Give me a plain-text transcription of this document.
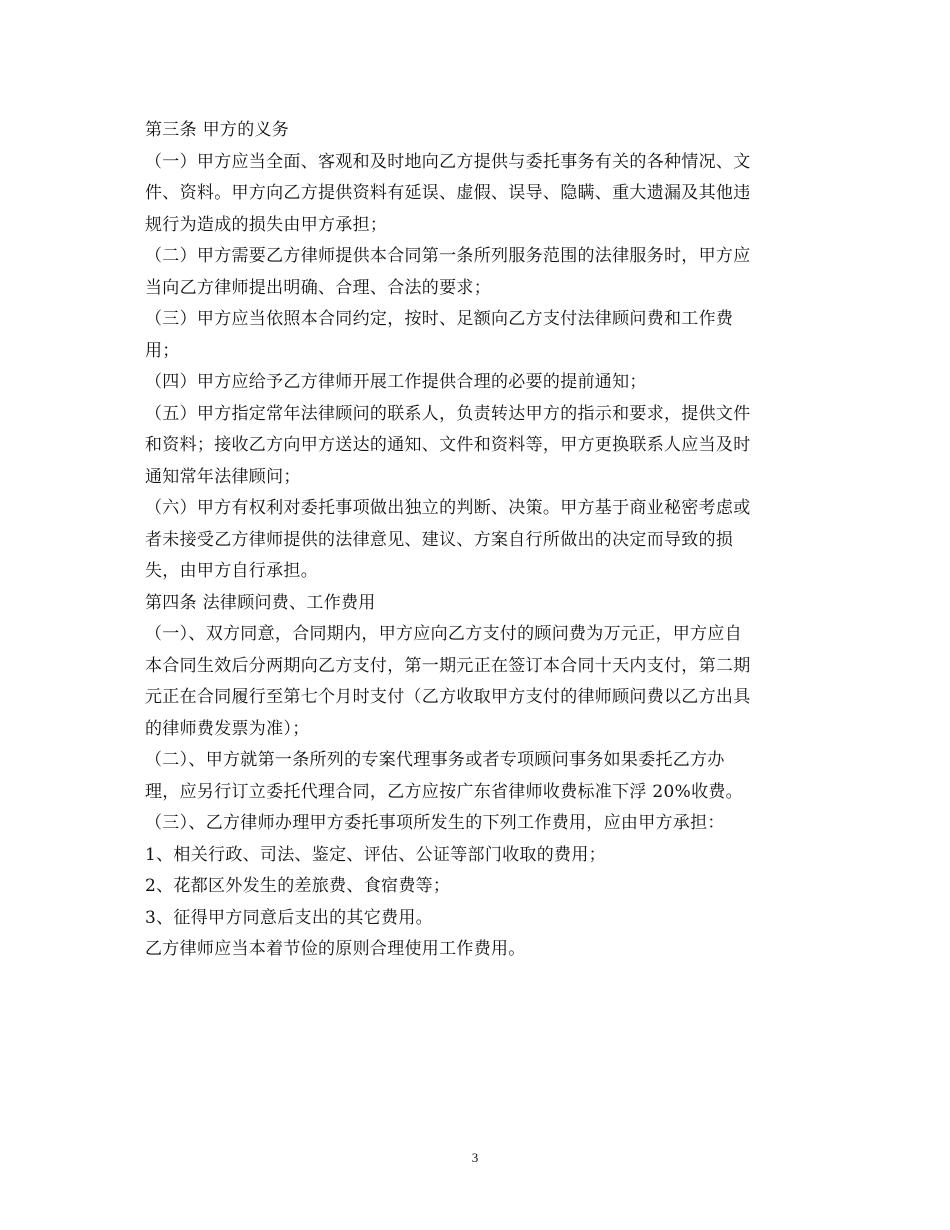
第三条 甲方的义务
（一）甲方应当全面、客观和及时地向乙方提供与委托事务有关的各种情况、文
件、资料。甲方向乙方提供资料有延误、虚假、误导、隐瞒、重大遗漏及其他违
规行为造成的损失由甲方承担；
（二）甲方需要乙方律师提供本合同第一条所列服务范围的法律服务时，甲方应
当向乙方律师提出明确、合理、合法的要求；
（三）甲方应当依照本合同约定，按时、足额向乙方支付法律顾问费和工作费
用；
（四）甲方应给予乙方律师开展工作提供合理的必要的提前通知；
（五）甲方指定常年法律顾问的联系人，负责转达甲方的指示和要求，提供文件
和资料；接收乙方向甲方送达的通知、文件和资料等，甲方更换联系人应当及时
通知常年法律顾问；
（六）甲方有权利对委托事项做出独立的判断、决策。甲方基于商业秘密考虑或
者未接受乙方律师提供的法律意见、建议、方案自行所做出的决定而导致的损
失，由甲方自行承担。
第四条 法律顾问费、工作费用
（一）、双方同意，合同期内，甲方应向乙方支付的顾问费为万元正，甲方应自
本合同生效后分两期向乙方支付，第一期元正在签订本合同十天内支付，第二期
元正在合同履行至第七个月时支付（乙方收取甲方支付的律师顾问费以乙方出具
的律师费发票为准）；
（二）、甲方就第一条所列的专案代理事务或者专项顾问事务如果委托乙方办
理，应另行订立委托代理合同，乙方应按广东省律师收费标准下浮 20%收费。
（三）、乙方律师办理甲方委托事项所发生的下列工作费用，应由甲方承担：
1、相关行政、司法、鉴定、评估、公证等部门收取的费用；
2、花都区外发生的差旅费、食宿费等；
3、征得甲方同意后支出的其它费用。
乙方律师应当本着节俭的原则合理使用工作费用。
3
